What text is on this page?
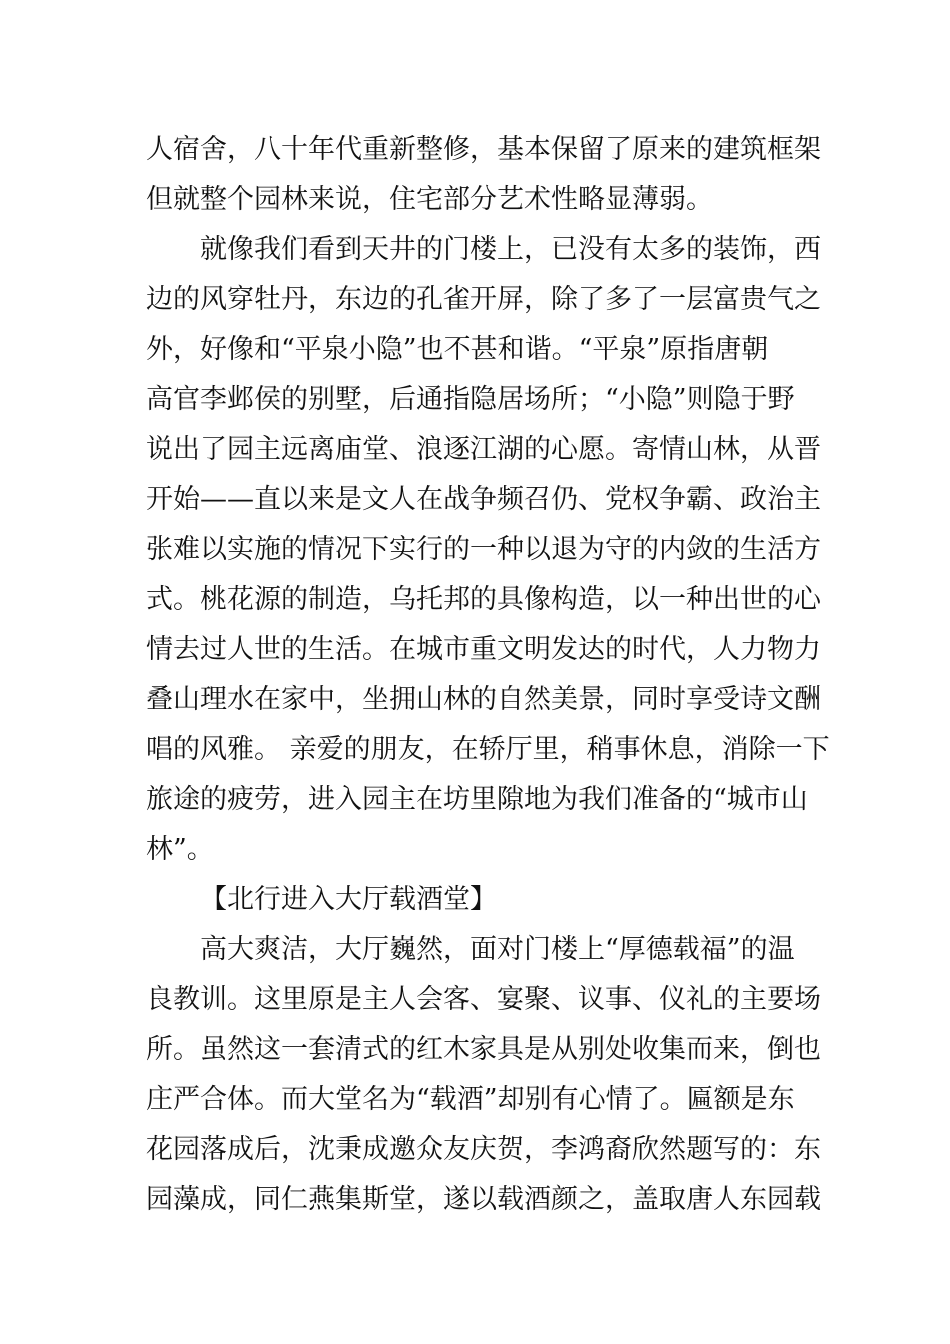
人宿舍，八十年代重新整修，基本保留了原来的建筑框架
但就整个园林来说，住宅部分艺术性略显薄弱。
就像我们看到天井的门楼上，已没有太多的装饰，西
边的风穿牡丹，东边的孔雀开屏，除了多了一层富贵气之
外，好像和“平泉小隐”也不甚和谐。“平泉”原指唐朝
高官李邺侯的别墅，后通指隐居场所；“小隐”则隐于野
说出了园主远离庙堂、浪逐江湖的心愿。寄情山林，从晋
开始——直以来是文人在战争频召仍、党权争霸、政治主
张难以实施的情况下实行的一种以退为守的内敛的生活方
式。桃花源的制造，乌托邦的具像构造，以一种出世的心
情去过人世的生活。在城市重文明发达的时代，人力物力
叠山理水在家中，坐拥山林的自然美景，同时享受诗文酬
唱的风雅。 亲爱的朋友，在轿厅里，稍事休息，消除一下
旅途的疲劳，进入园主在坊里隙地为我们准备的“城市山
林”。
【北行进入大厅载酒堂】
高大爽洁，大厅巍然，面对门楼上“厚德载福”的温
良教训。这里原是主人会客、宴聚、议事、仪礼的主要场
所。虽然这一套清式的红木家具是从别处收集而来，倒也
庄严合体。而大堂名为“载酒”却别有心情了。匾额是东
花园落成后，沈秉成邀众友庆贺，李鸿裔欣然题写的：东
园藻成，同仁燕集斯堂，遂以载酒颜之，盖取唐人东园载
